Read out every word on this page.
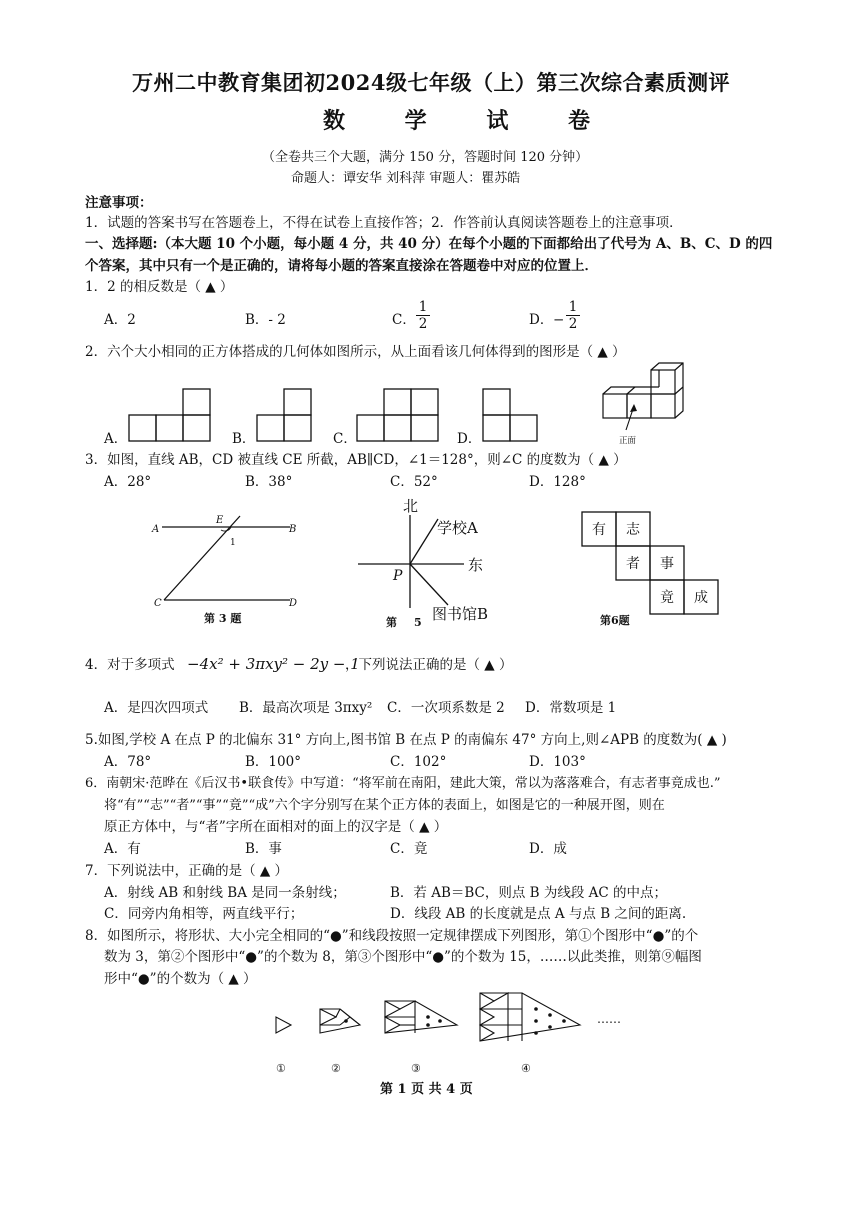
万州二中教育集团初2024级七年级（上）第三次综合素质测评
数 学 试 卷
（全卷共三个大题，满分 150 分，答题时间 120 分钟）
命题人：谭安华 刘科萍 审题人：瞿苏皓
注意事项：
1．试题的答案书写在答题卷上，不得在试卷上直接作答；2．作答前认真阅读答题卷上的注意事项．
一、选择题:（本大题 10 个小题，每小题 4 分，共 40 分）在每个小题的下面都给出了代号为 A、B、C、D 的四
个答案，其中只有一个是正确的，请将每小题的答案直接涂在答题卷中对应的位置上．
1．2 的相反数是（ ▲ ）
A．2	B．- 2	C．
1
2	D． −
1
2
2．六个大小相同的正方体搭成的几何体如图所示，从上面看该几何体得到的图形是（ ▲ ）
A．	B．	C．	D．	正面
3．如图，直线 AB，CD 被直线 CE 所截，AB∥CD，∠1＝128°，则∠C 的度数为（ ▲ ）
A．28°	B．38°	C．52°	D．128°
A
E
B
1
C	D
第 3 题
北
东
学校A
图书馆B
P
第 5
有 志
者 事
竟 成
第6题
4．对于多项式 −4x² + 3πxy² − 2y − 1
，下列说法正确的是（ ▲ ）
A．是四次四项式 B．最高次项是 3πxy² C．一次项系数是 2 D．常数项是 1
5.如图,学校 A 在点 P 的北偏东 31° 方向上,图书馆 B 在点 P 的南偏东 47° 方向上,则∠APB 的度数为( ▲ )
A．78°	B．100°	C．102°	D．103°
6．南朝宋·范晔在《后汉书•联食传》中写道：“将军前在南阳，建此大策，常以为落落难合，有志者事竟成也.”
将“有”“志”“者”“事”“竟”“成”六个字分别写在某个正方体的表面上，如图是它的一种展开图，则在
原正方体中，与“者”字所在面相对的面上的汉字是（ ▲ ）
A．有	B．事	C．竟	D．成
7．下列说法中，正确的是（ ▲ ）
A．射线 AB 和射线 BA 是同一条射线；	B．若 AB＝BC，则点 B 为线段 AC 的中点；
C．同旁内角相等，两直线平行；	D．线段 AB 的长度就是点 A 与点 B 之间的距离.
8．如图所示，将形状、大小完全相同的“●”和线段按照一定规律摆成下列图形，第①个图形中“●”的个
数为 3，第②个图形中“●”的个数为 8，第③个图形中“●”的个数为 15，……以此类推，则第⑨幅图
形中“●”的个数为（ ▲ ）
……
①	②	③	④
第 1 页 共 4 页
